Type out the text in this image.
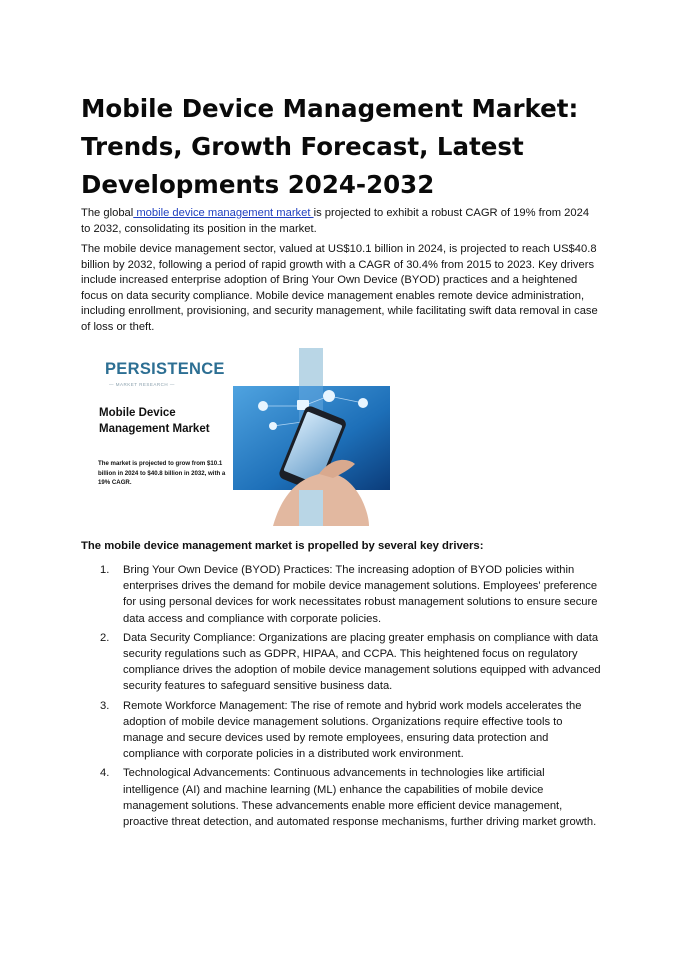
Mobile Device Management Market: Trends, Growth Forecast, Latest Developments 2024-2032

The global mobile device management market is projected to exhibit a robust CAGR of 19% from 2024 to 2032, consolidating its position in the market.

The mobile device management sector, valued at US$10.1 billion in 2024, is projected to reach US$40.8 billion by 2032, following a period of rapid growth with a CAGR of 30.4% from 2015 to 2023. Key drivers include increased enterprise adoption of Bring Your Own Device (BYOD) practices and a heightened focus on data security compliance. Mobile device management enables remote device administration, including enrollment, provisioning, and security management, while facilitating swift data removal in case of loss or theft.

PERSISTENCE
— MARKET RESEARCH —
Mobile Device Management Market
The market is projected to grow from $10.1 billion in 2024 to $40.8 billion in 2032, with a 19% CAGR.

The mobile device management market is propelled by several key drivers:

1. Bring Your Own Device (BYOD) Practices: The increasing adoption of BYOD policies within enterprises drives the demand for mobile device management solutions. Employees' preference for using personal devices for work necessitates robust management solutions to ensure secure data access and compliance with corporate policies.
2. Data Security Compliance: Organizations are placing greater emphasis on compliance with data security regulations such as GDPR, HIPAA, and CCPA. This heightened focus on regulatory compliance drives the adoption of mobile device management solutions equipped with advanced security features to safeguard sensitive business data.
3. Remote Workforce Management: The rise of remote and hybrid work models accelerates the adoption of mobile device management solutions. Organizations require effective tools to manage and secure devices used by remote employees, ensuring data protection and compliance with corporate policies in a distributed work environment.
4. Technological Advancements: Continuous advancements in technologies like artificial intelligence (AI) and machine learning (ML) enhance the capabilities of mobile device management solutions. These advancements enable more efficient device management, proactive threat detection, and automated response mechanisms, further driving market growth.
